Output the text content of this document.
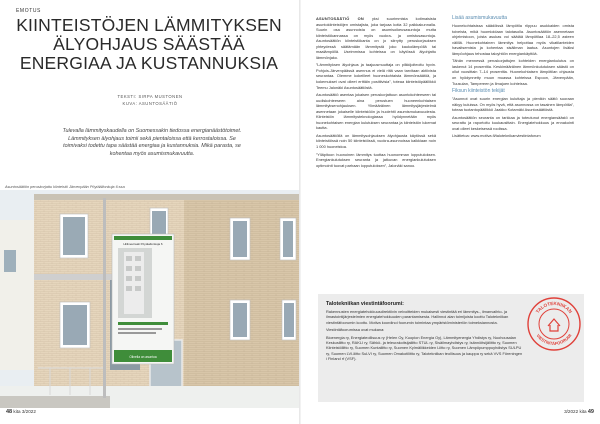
EMOTUS
KIINTEISTÖJEN LÄMMITYKSEN ÄLYOHJAUS SÄÄSTÄÄ ENERGIAA JA KUSTANNUKSIA
TEKSTI: SIRPA MUSTONEN
KUVA: ASUNTOSÄÄTIÖ

Tulevalla lämmityskaudella on Suomessakin tiedossa energianäästötoimet. Lämmityksen älyohjaus toimii sekä pientaloissa että kerrostaloissa. Se toimivaksi todettu tapa säästää energiaa ja kustannuksia. Mikä parasta, se kohentaa myös asumismukavuutta.

Asuntosäätiön peruskorjattu kiinteistö Järvenpään Pöytäällonkuja 6:ssa
Hiilineutraali Pöytäallonkuja 6
Olinella on asuntoa
48 kita 3/2022

ASUNTOSÄÄTIÖ ON yksi suurimmista kotimaisista asuntokiinteistöjen omistajista, joka tarjoaa kotia 32 paikkakunnalla. Suurin osa asunnoista on asumisoikeusasuntoja mutta kiinteistökannassa on myös vuokra- ja omistusasuntoja. Asuntosäätiön kiinteistökanta on jo siirrytty peruskorjauksen yhteydessä säätämään lämmitystä joko kaukolämpöllä tai maalämpöllä. Useimmissa kohteissa on käytössä älyohjattu lämmönjako.

”Lämmityksen älyohjaus ja taajuusmuuttaja on pilkkijoiteoitu hyvin. Pohjois-Järvenpäässä asennus ei vielä riitä vaan tarvitaan aktiivista seurantaa. Olemme kokeilleet huoneskohtaista lämmönsäätöä, ja kokemukset ovat olleet erittäin positiivisia”, toteaa kiinteistöpäällikkö Teemu Jalonäki Asuntosäätiöstä.

Asuntosäätiö asentaa jokaisen peruskorjattuun asuntokohteeseen tai uudiskohteeseen aina perustuen huoneenkohtaisen lämmityksenohjauksen. Ylimääräinen lämmitysjärjestelmä asennetaan jokaiselle kiinteistöön ja huolehtii asumismukavuudesta. Kiinteistön lämmitysteknologiassa hyödynnetään myös huonekohtaisen energian kulutuksen seurantaa ja kiinteistön lukemat kautta.

Asuntosäätiöllä on lämmitysohjauksen älyohjausta käytössä sekä kiinteistöissä noin 50 kiinteistössä, vuokra-asunnoissa kaikkiaan noin 1 000 huoneistoa.

”Ylläpitoon huonoinen lämmitys tuottaa huonomman lopputuloksen. Energiankulutuksen seuranta ja jatkuvan energiankulutuksen optimointi tuovat parhaan lopputuloksen”, Jalonäki sanoo.

Lisää asumismukavuutta

Huonekohtaisissa säädöissä lämpötila riippuu asukkaiden omista toiveista, mikä huomioidaan talotasolla. Asuntosäätiön asennetaan ohjelmistoon, joista asukas voi säätää lämpötilaa 18–22,5 asteen välillä. Huonekohtainen lämmitys helpottaa myös vikatilanteiden havaitsemista ja kohentaa sisäilman laatua. Asuntojen lisäksi lämpöohjaus tehostaa taloyhtiön energiankäyttöä.

Tähän mennessä peruskorjattujen kohteiden energiankulutus on laskenut 14 prosenttia. Keskimääräinen lämmönkulutuksen säästö on ollut vuosittain 7–14 prosenttia. Huonekohtaisen lämpötilan ohjausta on hyödynnetty muun muassa kohteissa Espoon, Järvenpään, Tuusulan, Tampereen ja Ilmajoen kohteissa.

Fiksun kiinteistön tekijät

”Asunnot ovat suurin energian kuluttaja ja pienikin säätö suoraan näkyy kuluissa. On myös hyvä, että asunnossa on tasainen lämpötila”, toteaa tuotantopäällikkö Jaakko Kotamäki Asuntosäätiöstä.

Asuntosäätiön seuranta on tarkkaa ja toteutunut energiansäästö on seurattu ja raportoitu kuukausittain. Energiatehokkuus ja ennakointi ovat olleet keskeisessä roolissa.

Lisätietoa: www.motiva.fi/taloteknikanviestintaforum

Talotekniikan viestintäfoorumi:

Rakennusten energiatehokkuusdirektiivin velvoitteiden mukaisesti viestintää eri lämmitys-, ilmanvaihto- ja ilmastointijärjestelmien energiatehokkuuden parantamisesta. Hallinnoi alan toimijoista koottu Talotekniikan viestintäfoorumin koottu. Motiva koordinoi foorumin toimintaa ympäristöministeriön toimeksiannosta.

Viestintäfoorumissa ovat mukana:

Bioenergia ry, Energiateollisuus ry (Helen Oy, Kuopion Energia Oy), Lämmityenergia Yhdistys ry, Nuohousalan Keskusliitto ry, RAKLI ry, Sähkö- ja teleurakoitsijaliitto STUL ry, Sisäilmayhdistys ry, Isännöitsijäliitto ry, Suomen Kiinteistöliitto ry, Suomen Kuntaliitto ry, Suomen Kylmäliikkeiden Liitto ry, Suomen Lämpöpumppuyhdistys SULPU ry, Suomen LVI-liitto SuLVI ry, Suomen Omakotiliitto ry, Talotekniikan teollisuus ja kauppa ry sekä VVS Föreningen i Finland rf (VSF).

TALOTEKNIIKAN
VIESTINTÄFOORUMI
3/2022 kita 49
